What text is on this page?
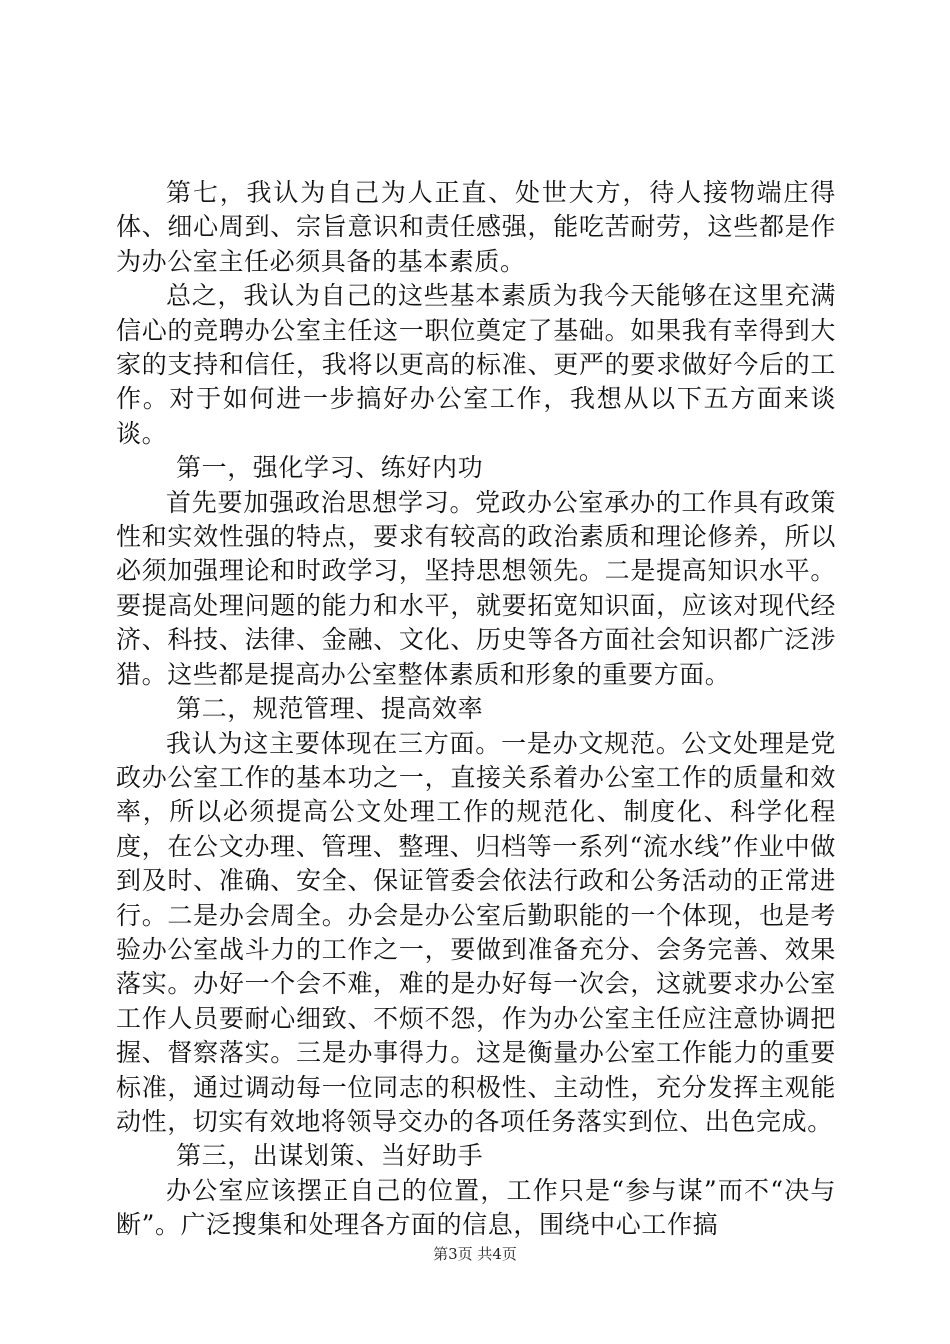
第七，我认为自己为人正直、处世大方，待人接物端庄得体、细心周到、宗旨意识和责任感强，能吃苦耐劳，这些都是作为办公室主任必须具备的基本素质。

总之，我认为自己的这些基本素质为我今天能够在这里充满信心的竞聘办公室主任这一职位奠定了基础。如果我有幸得到大家的支持和信任，我将以更高的标准、更严的要求做好今后的工作。对于如何进一步搞好办公室工作，我想从以下五方面来谈谈。

第一，强化学习、练好内功

首先要加强政治思想学习。党政办公室承办的工作具有政策性和实效性强的特点，要求有较高的政治素质和理论修养，所以必须加强理论和时政学习，坚持思想领先。二是提高知识水平。要提高处理问题的能力和水平，就要拓宽知识面，应该对现代经济、科技、法律、金融、文化、历史等各方面社会知识都广泛涉猎。这些都是提高办公室整体素质和形象的重要方面。

第二，规范管理、提高效率

我认为这主要体现在三方面。一是办文规范。公文处理是党政办公室工作的基本功之一，直接关系着办公室工作的质量和效率，所以必须提高公文处理工作的规范化、制度化、科学化程度，在公文办理、管理、整理、归档等一系列“流水线”作业中做到及时、准确、安全、保证管委会依法行政和公务活动的正常进行。二是办会周全。办会是办公室后勤职能的一个体现，也是考验办公室战斗力的工作之一，要做到准备充分、会务完善、效果落实。办好一个会不难，难的是办好每一次会，这就要求办公室工作人员要耐心细致、不烦不怨，作为办公室主任应注意协调把握、督察落实。三是办事得力。这是衡量办公室工作能力的重要标准，通过调动每一位同志的积极性、主动性，充分发挥主观能动性，切实有效地将领导交办的各项任务落实到位、出色完成。

第三，出谋划策、当好助手

办公室应该摆正自己的位置，工作只是“参与谋”而不“决与断”。广泛搜集和处理各方面的信息，围绕中心工作搞

第3页 共4页
